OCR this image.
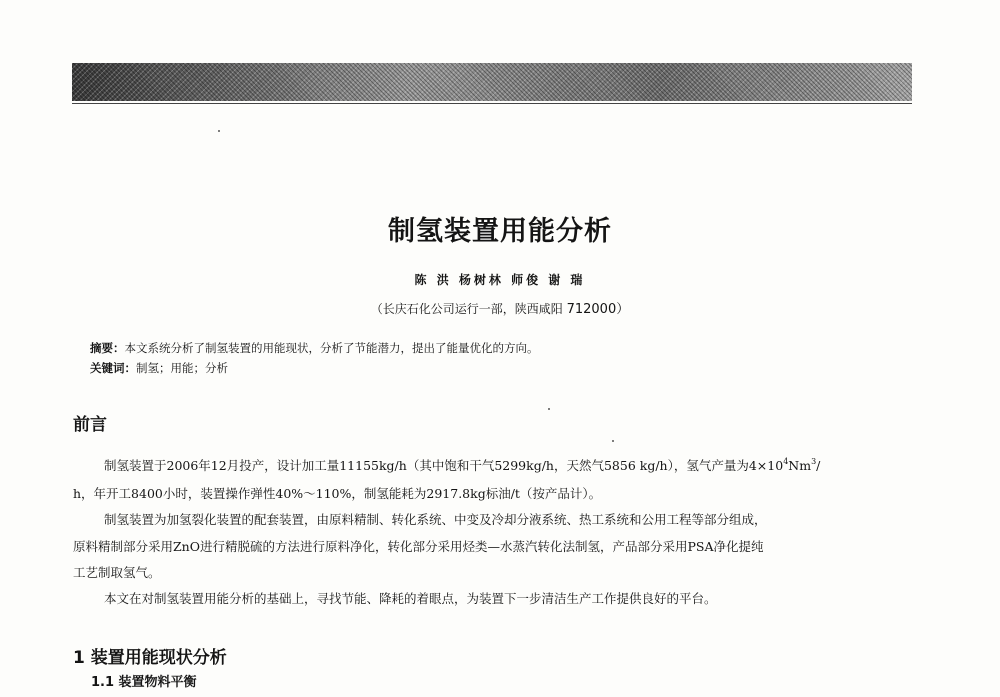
制氢装置用能分析
陈 洪 杨树林 师俊 谢 瑞
（长庆石化公司运行一部，陕西咸阳 712000）
摘要：本文系统分析了制氢装置的用能现状，分析了节能潜力，提出了能量优化的方向。
关键词：制氢；用能；分析
前言
制氢装置于2006年12月投产，设计加工量11155kg/h（其中饱和干气5299kg/h，天然气5856 kg/h），氢气产量为$4\times 10^4Nm^3/$
h，年开工8400小时，装置操作弹性40%～110%，制氢能耗为2917.8kg标油/t（按产品计）。
制氢装置为加氢裂化装置的配套装置，由原料精制、转化系统、中变及冷却分液系统、热工系统和公用工程等部分组成，
原料精制部分采用ZnO进行精脱硫的方法进行原料净化，转化部分采用烃类—水蒸汽转化法制氢，产品部分采用PSA净化提纯
工艺制取氢气。
本文在对制氢装置用能分析的基础上，寻找节能、降耗的着眼点，为装置下一步清洁生产工作提供良好的平台。
1 装置用能现状分析
1.1 装置物料平衡
